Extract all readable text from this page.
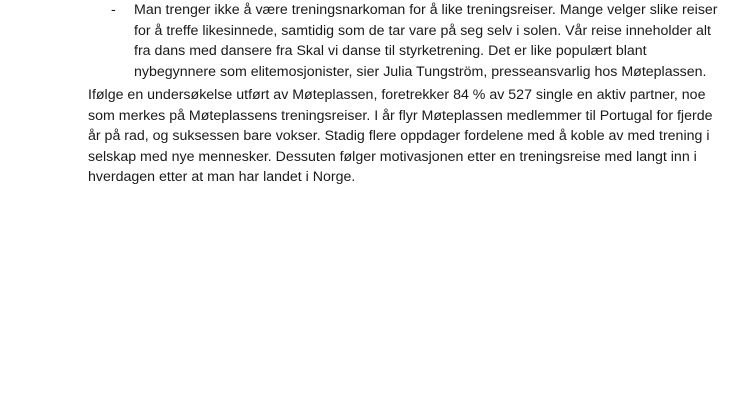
-	Man trenger ikke å være treningsnarkoman for å like treningsreiser. Mange velger slike reiser
for å treffe likesinnede, samtidig som de tar vare på seg selv i solen. Vår reise inneholder alt
fra dans med dansere fra Skal vi danse til styrketrening. Det er like populært blant
nybegynnere som elitemosjonister, sier Julia Tungström, presseansvarlig hos Møteplassen.
Ifølge en undersøkelse utført av Møteplassen, foretrekker 84 % av 527 single en aktiv partner, noe
som merkes på Møteplassens treningsreiser. I år flyr Møteplassen medlemmer til Portugal for fjerde
år på rad, og suksessen bare vokser. Stadig flere oppdager fordelene med å koble av med trening i
selskap med nye mennesker. Dessuten følger motivasjonen etter en treningsreise med langt inn i
hverdagen etter at man har landet i Norge.
